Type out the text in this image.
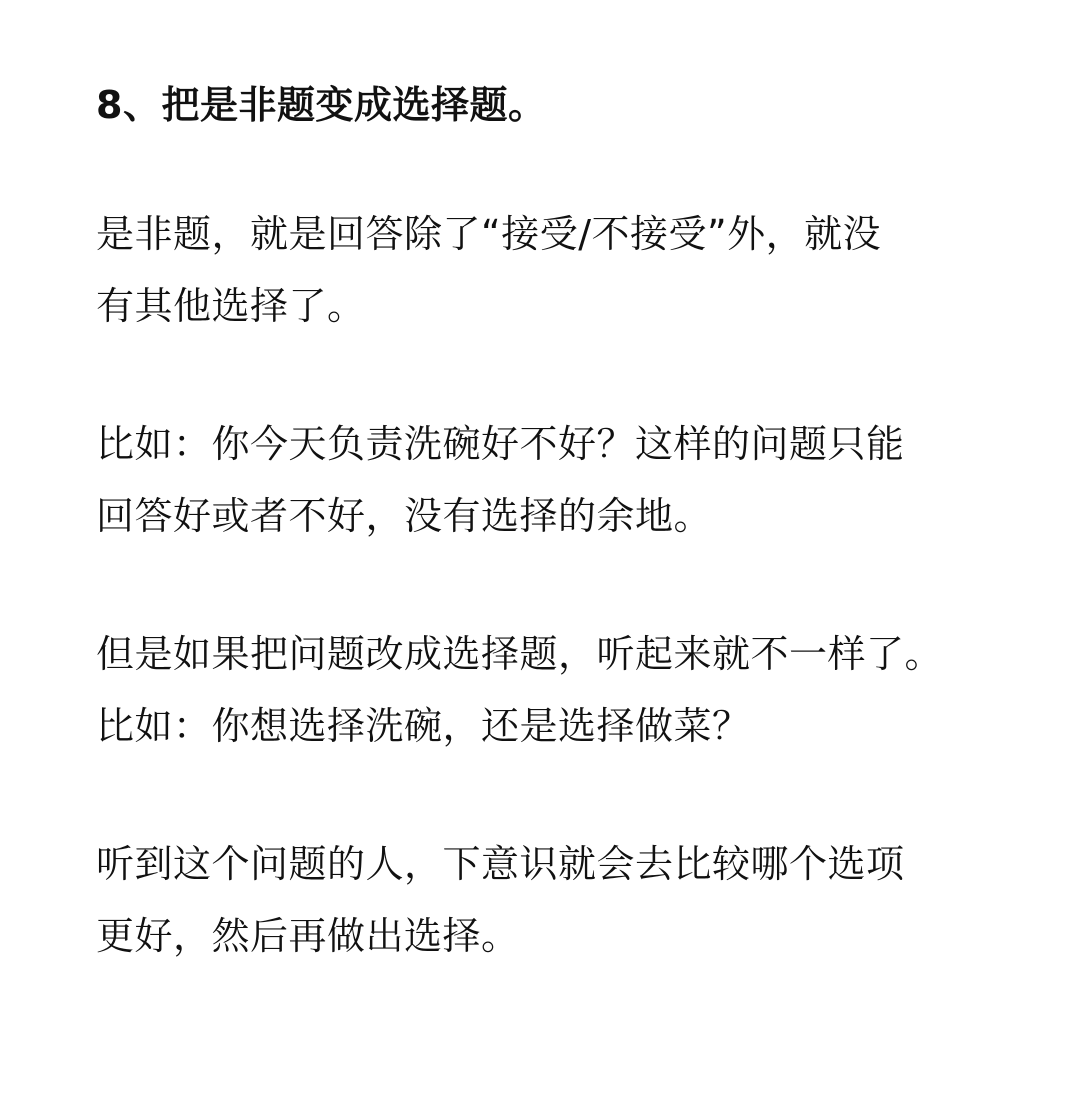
8、把是非题变成选择题。
是非题，就是回答除了“接受/不接受”外，就没
有其他选择了。
比如：你今天负责洗碗好不好？这样的问题只能
回答好或者不好，没有选择的余地。
但是如果把问题改成选择题，听起来就不一样了。
比如：你想选择洗碗，还是选择做菜？
听到这个问题的人，下意识就会去比较哪个选项
更好，然后再做出选择。
